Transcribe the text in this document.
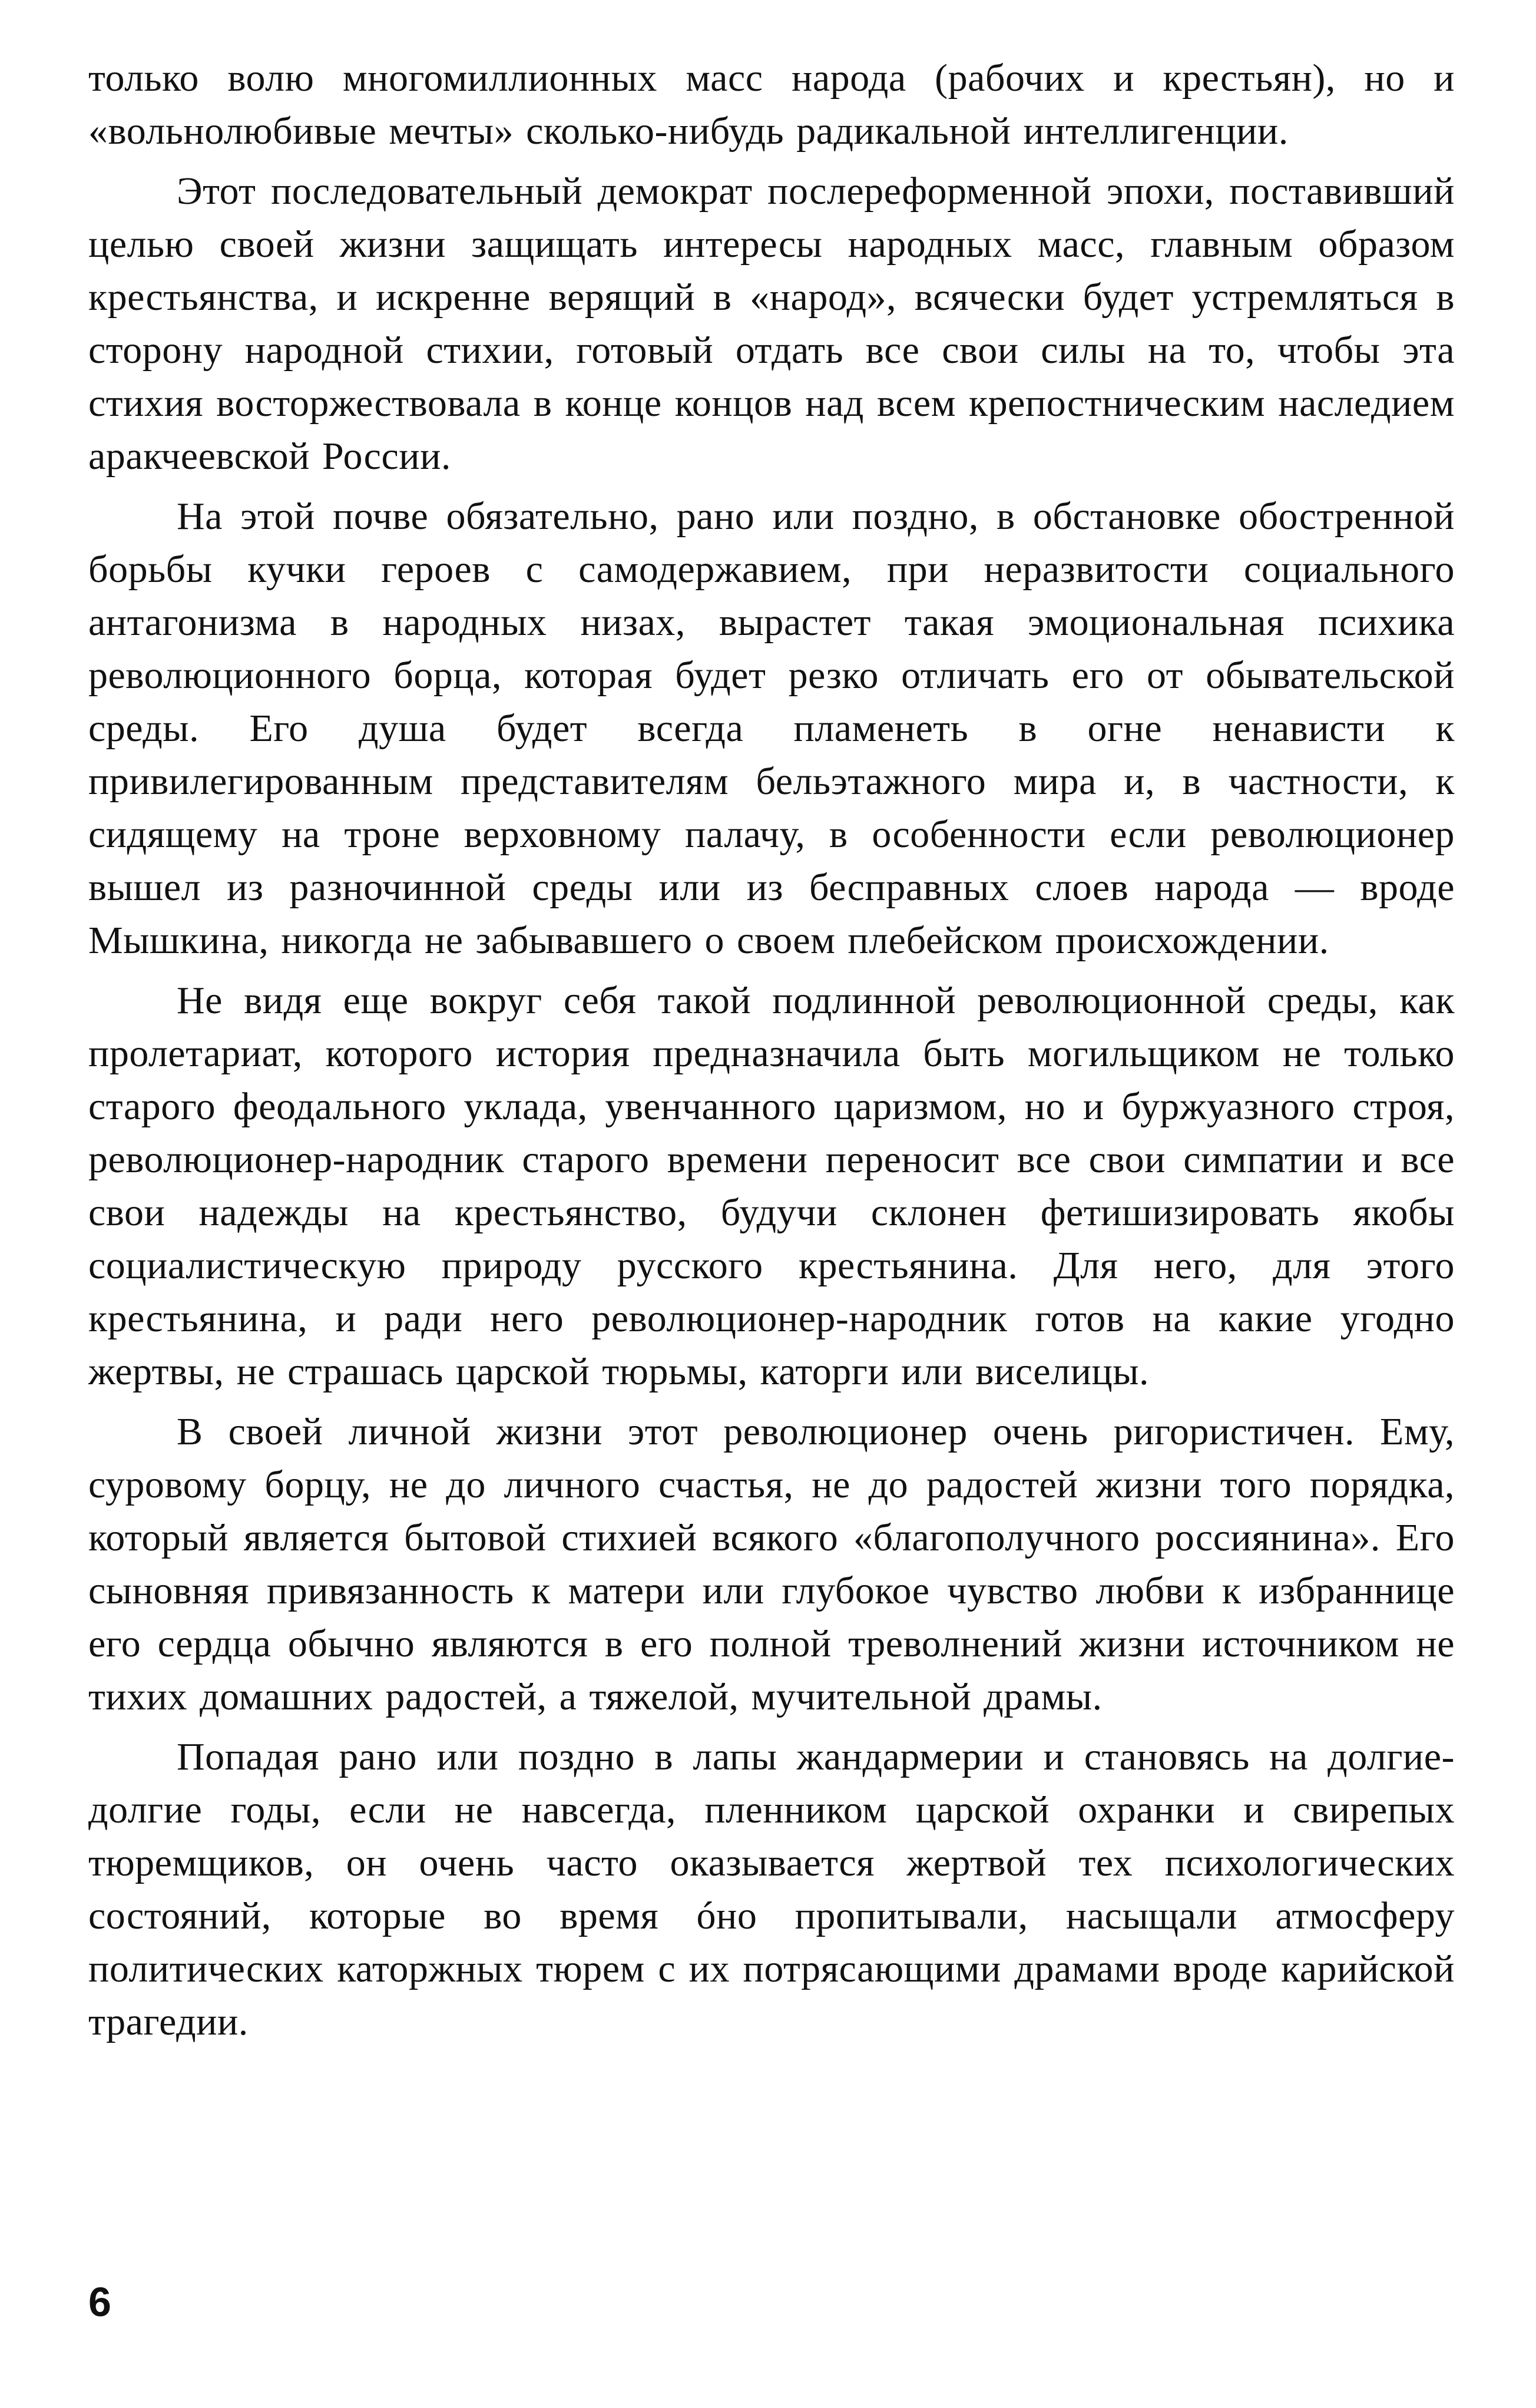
только волю многомиллионных масс народа (рабочих и крестьян), но и «вольнолюбивые мечты» сколько-нибудь радикальной интеллигенции.

Этот последовательный демократ послереформенной эпохи, поставивший целью своей жизни защищать интересы народных масс, главным образом крестьянства, и искренне верящий в «народ», всячески будет устремляться в сторону народной стихии, готовый отдать все свои силы на то, чтобы эта стихия восторжествовала в конце концов над всем крепостническим наследием аракчеевской России.

На этой почве обязательно, рано или поздно, в обстановке обостренной борьбы кучки героев с самодержавием, при неразвитости социального антагонизма в народных низах, вырастет такая эмоциональная психика революционного борца, которая будет резко отличать его от обывательской среды. Его душа будет всегда пламенеть в огне ненависти к привилегированным представителям бельэтажного мира и, в частности, к сидящему на троне верховному палачу, в особенности если революционер вышел из разночинной среды или из бесправных слоев народа — вроде Мышкина, никогда не забывавшего о своем плебейском происхождении.

Не видя еще вокруг себя такой подлинной революционной среды, как пролетариат, которого история предназначила быть могильщиком не только старого феодального уклада, увенчанного царизмом, но и буржуазного строя, революционер-народник старого времени переносит все свои симпатии и все свои надежды на крестьянство, будучи склонен фетишизировать якобы социалистическую природу русского крестьянина. Для него, для этого крестьянина, и ради него революционер-народник готов на какие угодно жертвы, не страшась царской тюрьмы, каторги или виселицы.

В своей личной жизни этот революционер очень ригористичен. Ему, суровому борцу, не до личного счастья, не до радостей жизни того порядка, который является бытовой стихией всякого «благополучного россиянина». Его сыновняя привязанность к матери или глубокое чувство любви к избраннице его сердца обычно являются в его полной треволнений жизни источником не тихих домашних радостей, а тяжелой, мучительной драмы.

Попадая рано или поздно в лапы жандармерии и становясь на долгие-долгие годы, если не навсегда, пленником царской охранки и свирепых тюремщиков, он очень часто оказывается жертвой тех психологических состояний, которые во время óно пропитывали, насыщали атмосферу политических каторжных тюрем с их потрясающими драмами вроде карийской трагедии.

6
